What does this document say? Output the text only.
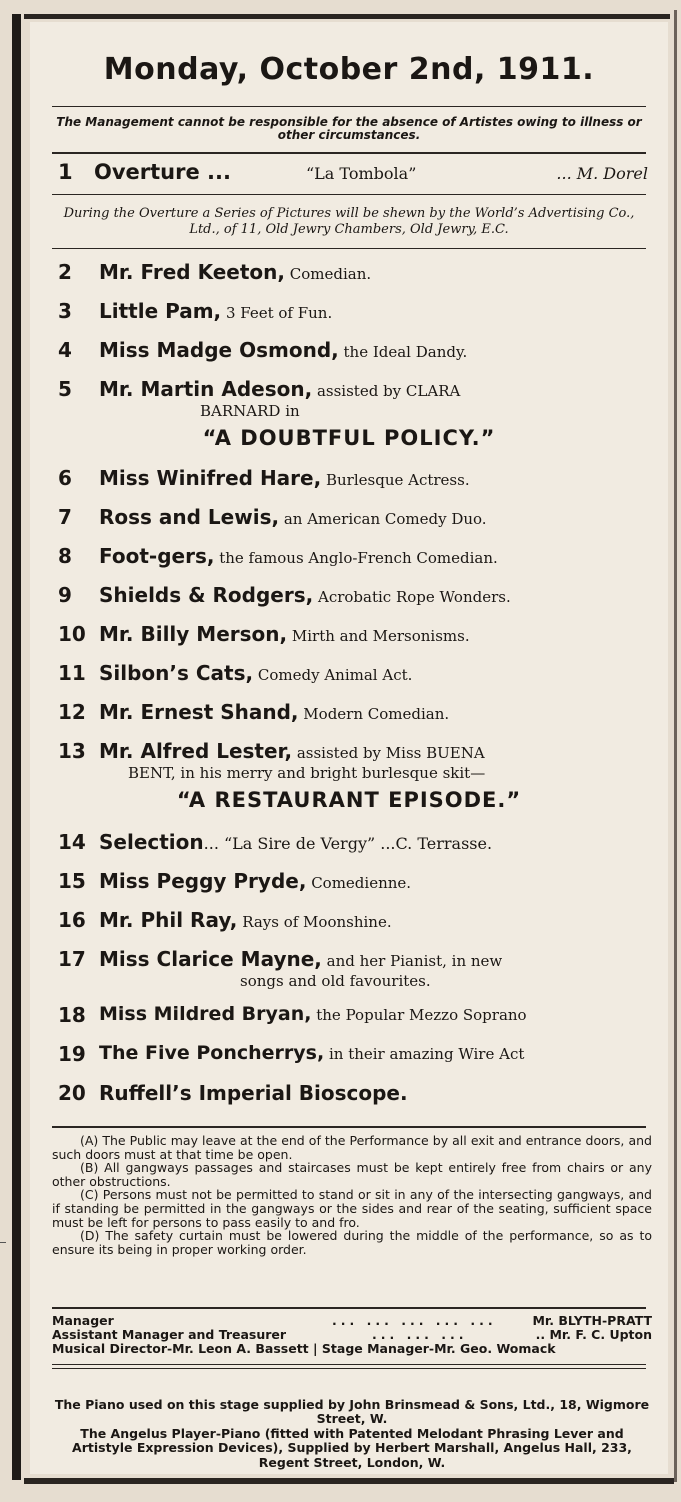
Monday, October 2nd, 1911.
The Management cannot be responsible for the absence of Artistes owing to illness or other circumstances.
1 Overture ...	“La Tombola”	... M. Dorel
During the Overture a Series of Pictures will be shewn by the World’s Advertising Co., Ltd., of 11, Old Jewry Chambers, Old Jewry, E.C.
2	Mr. Fred Keeton, Comedian.
3	Little Pam, 3 Feet of Fun.
4	Miss Madge Osmond, the Ideal Dandy.
5	Mr. Martin Adeson, assisted by CLARA
BARNARD in
“A DOUBTFUL POLICY.”
6	Miss Winifred Hare, Burlesque Actress.
7	Ross and Lewis, an American Comedy Duo.
8	Foot-gers, the famous Anglo-French Comedian.
9	Shields & Rodgers, Acrobatic Rope Wonders.
10 Mr. Billy Merson, Mirth and Mersonisms.
11 Silbon’s Cats, Comedy Animal Act.
12 Mr. Ernest Shand, Modern Comedian.
13 Mr. Alfred Lester, assisted by Miss BUENA
BENT, in his merry and bright burlesque skit—
“A RESTAURANT EPISODE.”
14 Selection... “La Sire de Vergy” ...C. Terrasse.
15 Miss Peggy Pryde, Comedienne.
16 Mr. Phil Ray, Rays of Moonshine.
17 Miss Clarice Mayne, and her Pianist, in new
songs and old favourites.
18 Miss Mildred Bryan, the Popular Mezzo Soprano
19 The Five Poncherrys, in their amazing Wire Act
20 Ruffell’s Imperial Bioscope.

(A) The Public may leave at the end of the Performance by all exit and entrance doors, and such doors must at that time be open.

(B) All gangways passages and staircases must be kept entirely free from chairs or any other obstructions.

(C) Persons must not be permitted to stand or sit in any of the intersecting gangways, and if standing be permitted in the gangways or the sides and rear of the seating, sufficient space must be left for persons to pass easily to and fro.

(D) The safety curtain must be lowered during the middle of the performance, so as to ensure its being in proper working order.

Manager	... ... ... ... ...	Mr. BLYTH-PRATT
Assistant Manager and Treasurer	... ... ...	.. Mr. F. C. Upton
Musical Director-Mr. Leon A. Bassett | Stage Manager-Mr. Geo. Womack
The Piano used on this stage supplied by John Brinsmead & Sons, Ltd., 18, Wigmore Street, W.
The Angelus Player-Piano (fitted with Patented Melodant Phrasing Lever and Artistyle Expression Devices), Supplied by Herbert Marshall, Angelus Hall, 233, Regent Street, London, W.
